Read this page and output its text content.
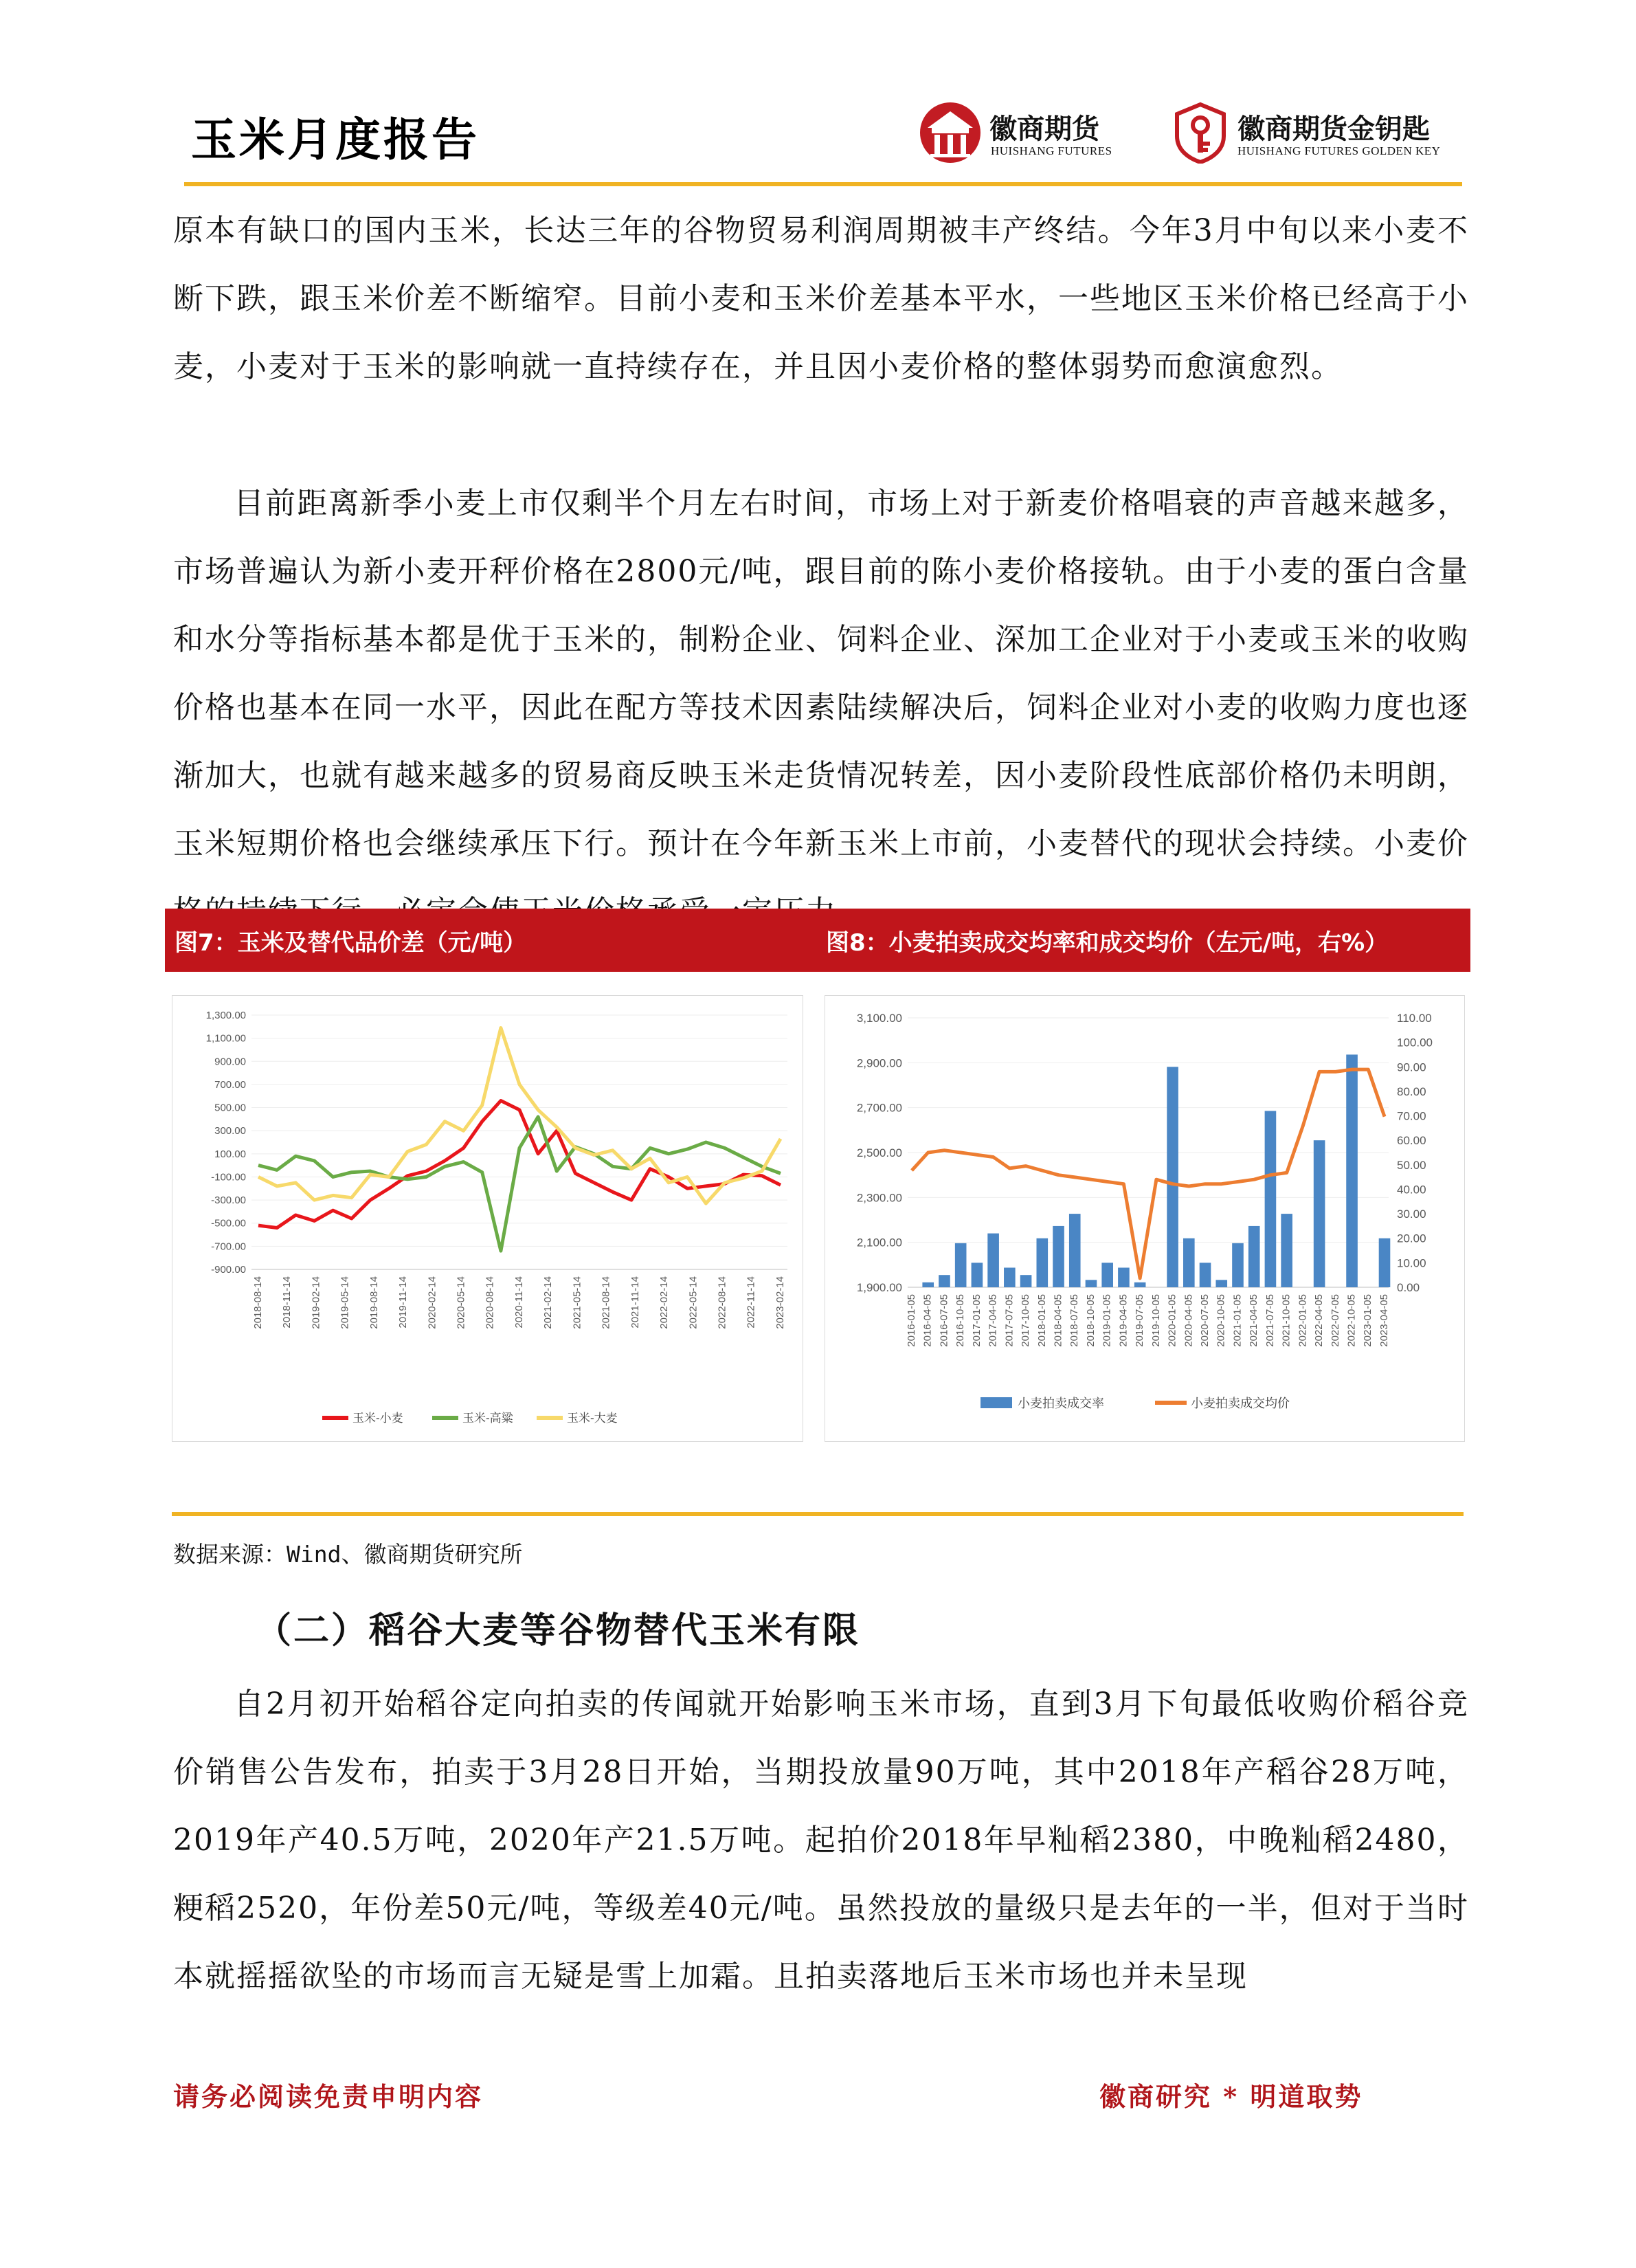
玉米月度报告	徽商期货
HUISHANG FUTURES
徽商期货金钥匙
HUISHANG FUTURES GOLDEN KEY

原本有缺口的国内玉米，长达三年的谷物贸易利润周期被丰产终结。今年3月中旬以来小麦不断下跌，跟玉米价差不断缩窄。目前小麦和玉米价差基本平水，一些地区玉米价格已经高于小麦，小麦对于玉米的影响就一直持续存在，并且因小麦价格的整体弱势而愈演愈烈。

目前距离新季小麦上市仅剩半个月左右时间，市场上对于新麦价格唱衰的声音越来越多，市场普遍认为新小麦开秤价格在2800元/吨，跟目前的陈小麦价格接轨。由于小麦的蛋白含量和水分等指标基本都是优于玉米的，制粉企业、饲料企业、深加工企业对于小麦或玉米的收购价格也基本在同一水平，因此在配方等技术因素陆续解决后，饲料企业对小麦的收购力度也逐渐加大，也就有越来越多的贸易商反映玉米走货情况转差，因小麦阶段性底部价格仍未明朗，玉米短期价格也会继续承压下行。预计在今年新玉米上市前，小麦替代的现状会持续。小麦价

图7：玉米及替代品价差（元/吨）	图8：小麦拍卖成交均率和成交均价（左元/吨，右%）
1,300.00
1,100.00
900.00
700.00
500.00
300.00
100.00
-100.00
-300.00
-500.00
-700.00
-900.00
2018-08-14 2018-11-14 2019-02-14 2019-05-14 2019-08-14 2019-11-14 2020-02-14 2020-05-14 2020-08-14 2020-11-14 2021-02-14 2021-05-14 2021-08-14 2021-11-14 2022-02-14 2022-05-14 2022-08-14 2022-11-14 2023-02-14
玉米-小麦	玉米-高粱	玉米-大麦
3,100.00
2,900.00
2,700.00
2,500.00
2,300.00
2,100.00
1,900.00
110.00
100.00
90.00
80.00
70.00
60.00
50.00
40.00
30.00
20.00
10.00
0.00
2016-01-05 2016-04-05 2016-07-05 2016-10-05 2017-01-05 2017-04-05 2017-07-05 2017-10-05 2018-01-05 2018-04-05 2018-07-05 2018-10-05 2019-01-05 2019-04-05 2019-07-05 2019-10-05 2020-01-05 2020-04-05 2020-07-05 2020-10-05 2021-01-05 2021-04-05 2021-07-05 2021-10-05 2022-01-05 2022-04-05 2022-07-05 2022-10-05 2023-01-05 2023-04-05
小麦拍卖成交率	小麦拍卖成交均价
数据来源：Wind、徽商期货研究所
（二）稻谷大麦等谷物替代玉米有限

自2月初开始稻谷定向拍卖的传闻就开始影响玉米市场，直到3月下旬最低收购价稻谷竞价销售公告发布，拍卖于3月28日开始，当期投放量90万吨，其中2018年产稻谷28万吨，2019年产40.5万吨，2020年产21.5万吨。起拍价2018年早籼稻2380，中晚籼稻2480，粳稻2520，年份差50元/吨，等级差40元/吨。虽然投放的量级只是去年的一半，但对于当时本就摇摇欲坠的市场而言无疑是雪上加霜。且拍卖落地后玉米市场也并未呈现

请务必阅读免责申明内容	徽商研究 * 明道取势
